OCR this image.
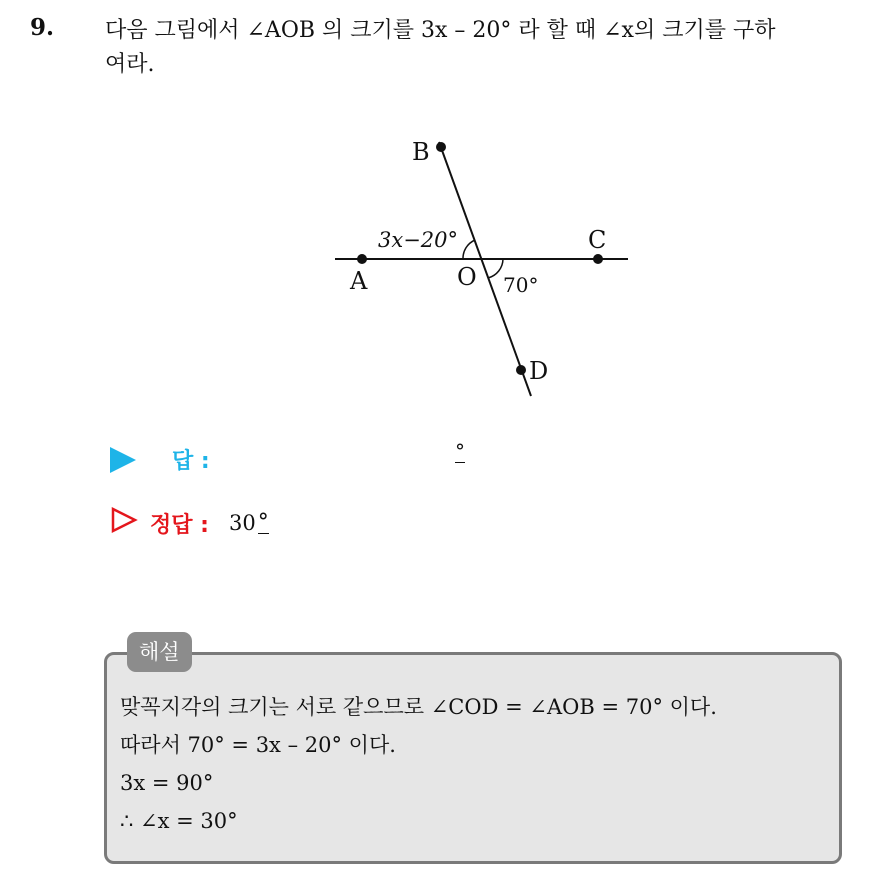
9. 다음 그림에서 ∠AOB 의 크기를 3x – 20° 라 할 때 ∠x의 크기를 구하
여라.
B
C
A	O
D
3x−20°
70°
답 :	°
정답 : 30 °
해설
맞꼭지각의 크기는 서로 같으므로 ∠COD = ∠AOB = 70° 이다.
따라서 70° = 3x – 20° 이다.
3x = 90°
∴ ∠x = 30°
